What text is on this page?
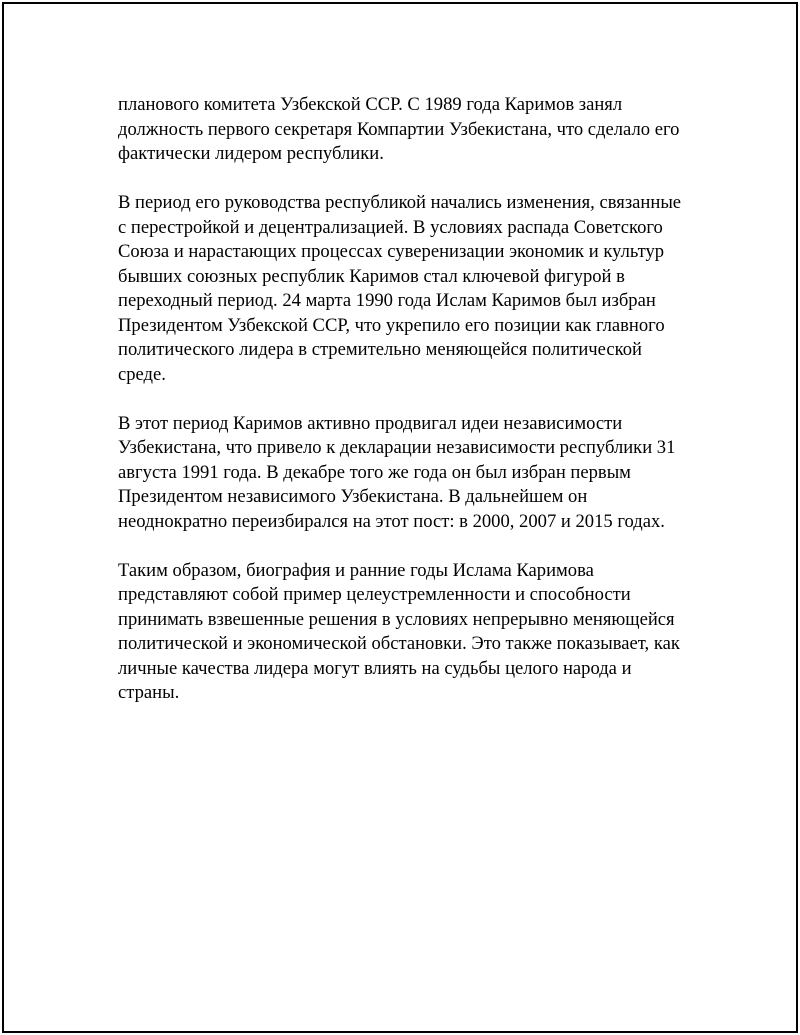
планового комитета Узбекской ССР. С 1989 года Каримов занял
должность первого секретаря Компартии Узбекистана, что сделало его
фактически лидером республики.

В период его руководства республикой начались изменения, связанные
с перестройкой и децентрализацией. В условиях распада Советского
Союза и нарастающих процессах суверенизации экономик и культур
бывших союзных республик Каримов стал ключевой фигурой в
переходный период. 24 марта 1990 года Ислам Каримов был избран
Президентом Узбекской ССР, что укрепило его позиции как главного
политического лидера в стремительно меняющейся политической
среде.

В этот период Каримов активно продвигал идеи независимости
Узбекистана, что привело к декларации независимости республики 31
августа 1991 года. В декабре того же года он был избран первым
Президентом независимого Узбекистана. В дальнейшем он
неоднократно переизбирался на этот пост: в 2000, 2007 и 2015 годах.

Таким образом, биография и ранние годы Ислама Каримова
представляют собой пример целеустремленности и способности
принимать взвешенные решения в условиях непрерывно меняющейся
политической и экономической обстановки. Это также показывает, как
личные качества лидера могут влиять на судьбы целого народа и
страны.
